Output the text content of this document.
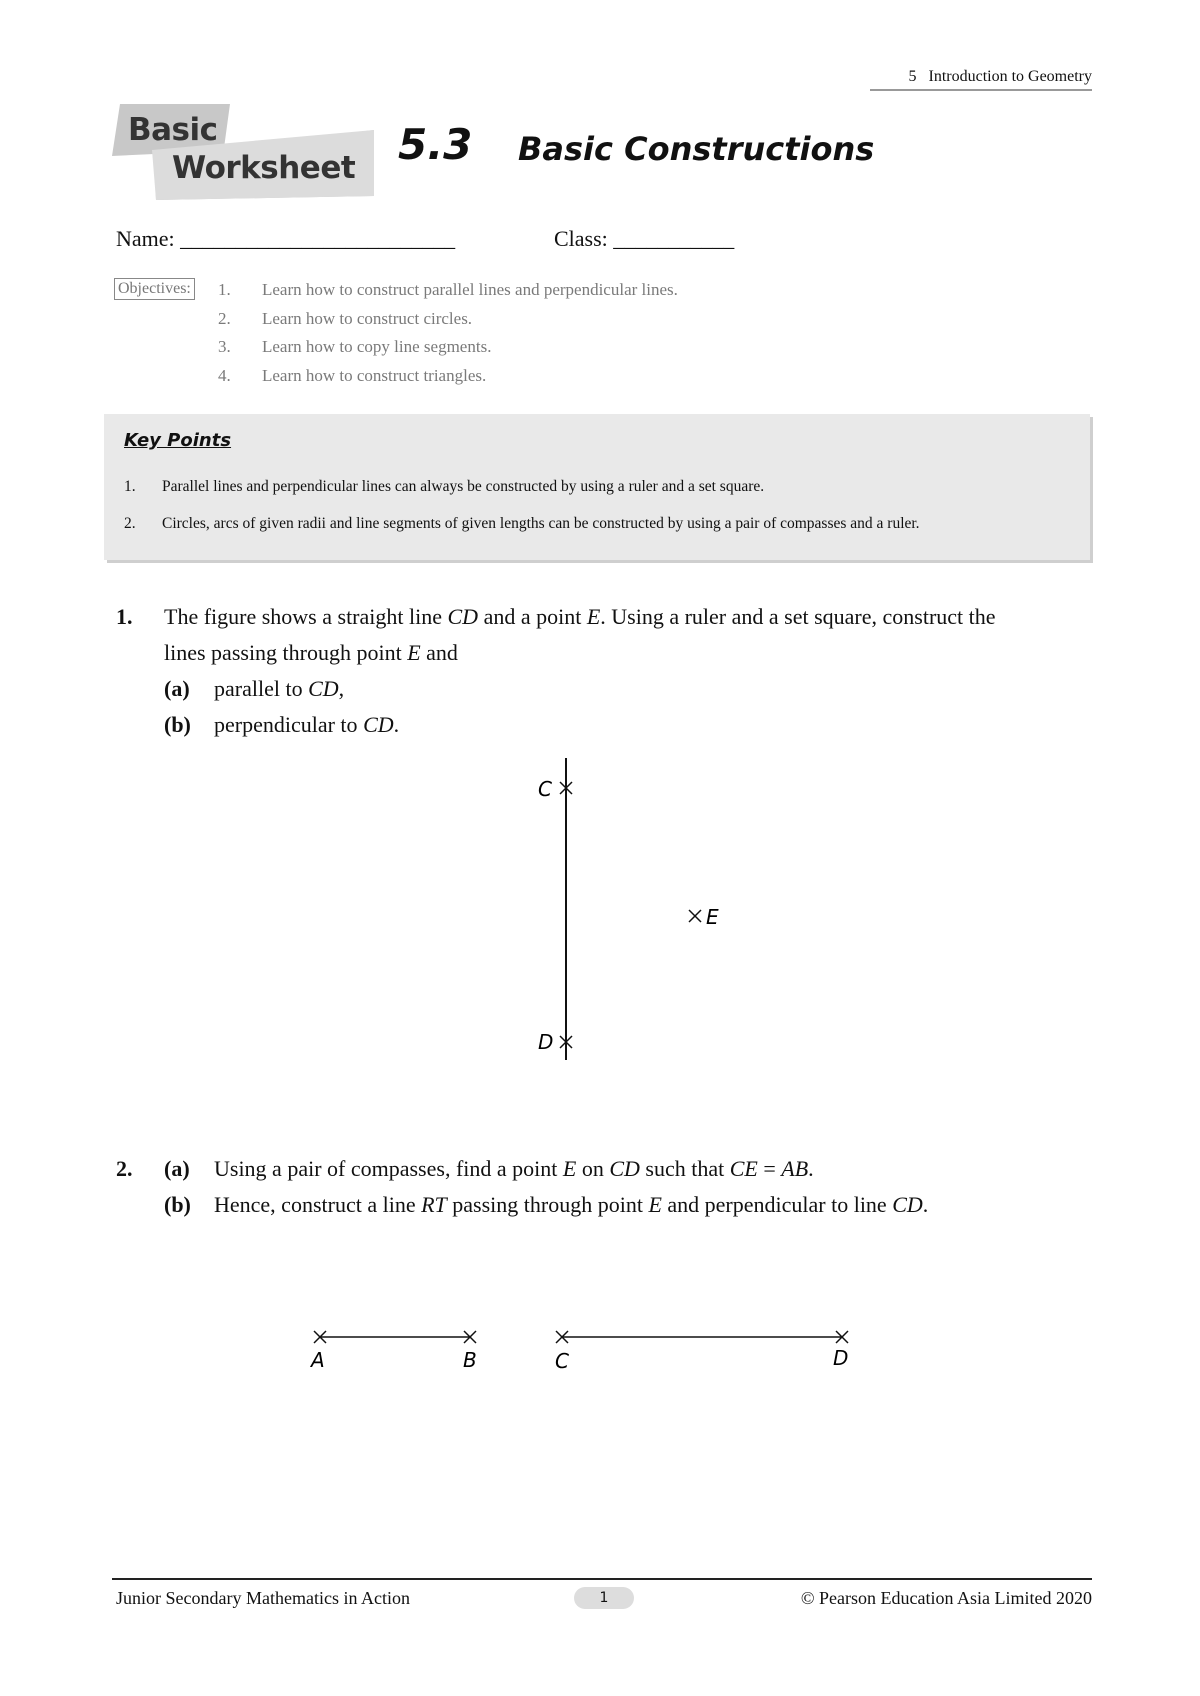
5 Introduction to Geometry
Basic
Worksheet 5.3 Basic Constructions
Name: _________________________	Class: ___________
Objectives: 1. Learn how to construct parallel lines and perpendicular lines.
2. Learn how to construct circles.
3. Learn how to copy line segments.
4. Learn how to construct triangles.
Key Points
1. Parallel lines and perpendicular lines can always be constructed by using a ruler and a set square.
2. Circles, arcs of given radii and line segments of given lengths can be constructed by using a pair of compasses and a ruler.
1. The figure shows a straight line CD and a point E. Using a ruler and a set square, construct the
lines passing through point E and
(a) parallel to CD,
(b) perpendicular to CD.
C
D
E
2. (a) Using a pair of compasses, find a point E on CD such that CE = AB.
(b) Hence, construct a line RT passing through point E and perpendicular to line CD.
A	B	C	D
Junior Secondary Mathematics in Action	1	© Pearson Education Asia Limited 2020
